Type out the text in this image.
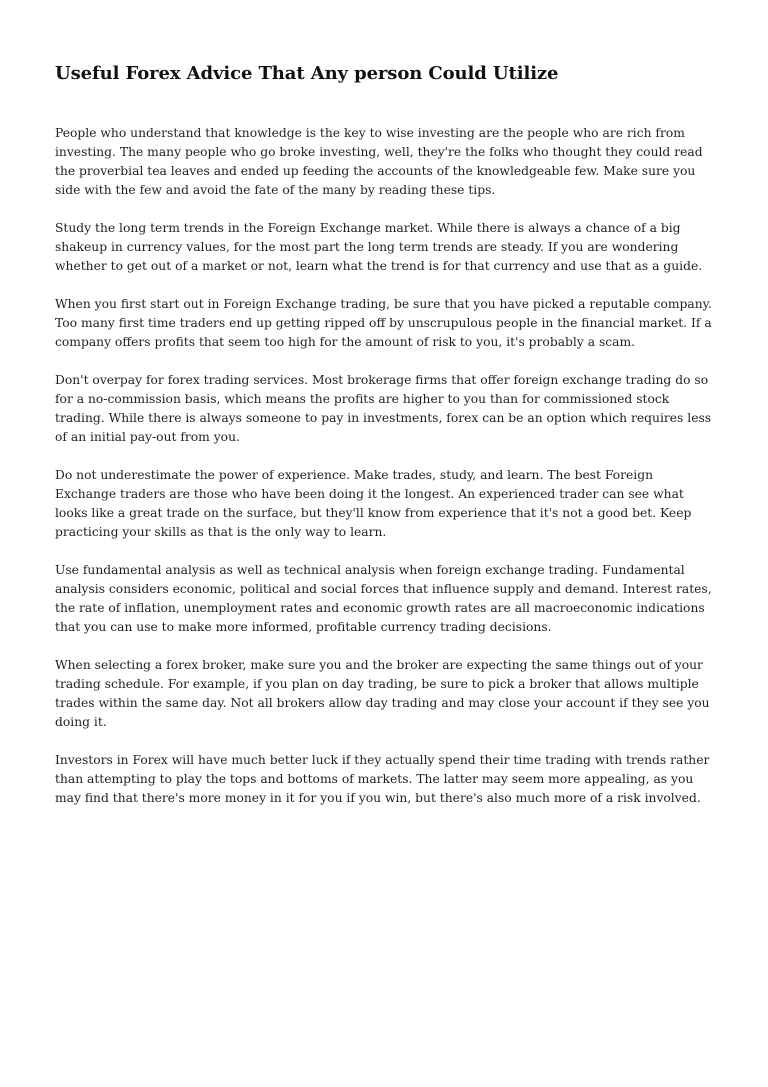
Useful Forex Advice That Any person Could Utilize

People who understand that knowledge is the key to wise investing are the people who are rich from investing. The many people who go broke investing, well, they're the folks who thought they could read the proverbial tea leaves and ended up feeding the accounts of the knowledgeable few. Make sure you side with the few and avoid the fate of the many by reading these tips.

Study the long term trends in the Foreign Exchange market. While there is always a chance of a big shakeup in currency values, for the most part the long term trends are steady. If you are wondering whether to get out of a market or not, learn what the trend is for that currency and use that as a guide.

When you first start out in Foreign Exchange trading, be sure that you have picked a reputable company. Too many first time traders end up getting ripped off by unscrupulous people in the financial market. If a company offers profits that seem too high for the amount of risk to you, it's probably a scam.

Don't overpay for forex trading services. Most brokerage firms that offer foreign exchange trading do so for a no-commission basis, which means the profits are higher to you than for commissioned stock trading. While there is always someone to pay in investments, forex can be an option which requires less of an initial pay-out from you.

Do not underestimate the power of experience. Make trades, study, and learn. The best Foreign Exchange traders are those who have been doing it the longest. An experienced trader can see what looks like a great trade on the surface, but they'll know from experience that it's not a good bet. Keep practicing your skills as that is the only way to learn.

Use fundamental analysis as well as technical analysis when foreign exchange trading. Fundamental analysis considers economic, political and social forces that influence supply and demand. Interest rates, the rate of inflation, unemployment rates and economic growth rates are all macroeconomic indications that you can use to make more informed, profitable currency trading decisions.

When selecting a forex broker, make sure you and the broker are expecting the same things out of your trading schedule. For example, if you plan on day trading, be sure to pick a broker that allows multiple trades within the same day. Not all brokers allow day trading and may close your account if they see you doing it.

Investors in Forex will have much better luck if they actually spend their time trading with trends rather than attempting to play the tops and bottoms of markets. The latter may seem more appealing, as you may find that there's more money in it for you if you win, but there's also much more of a risk involved.
